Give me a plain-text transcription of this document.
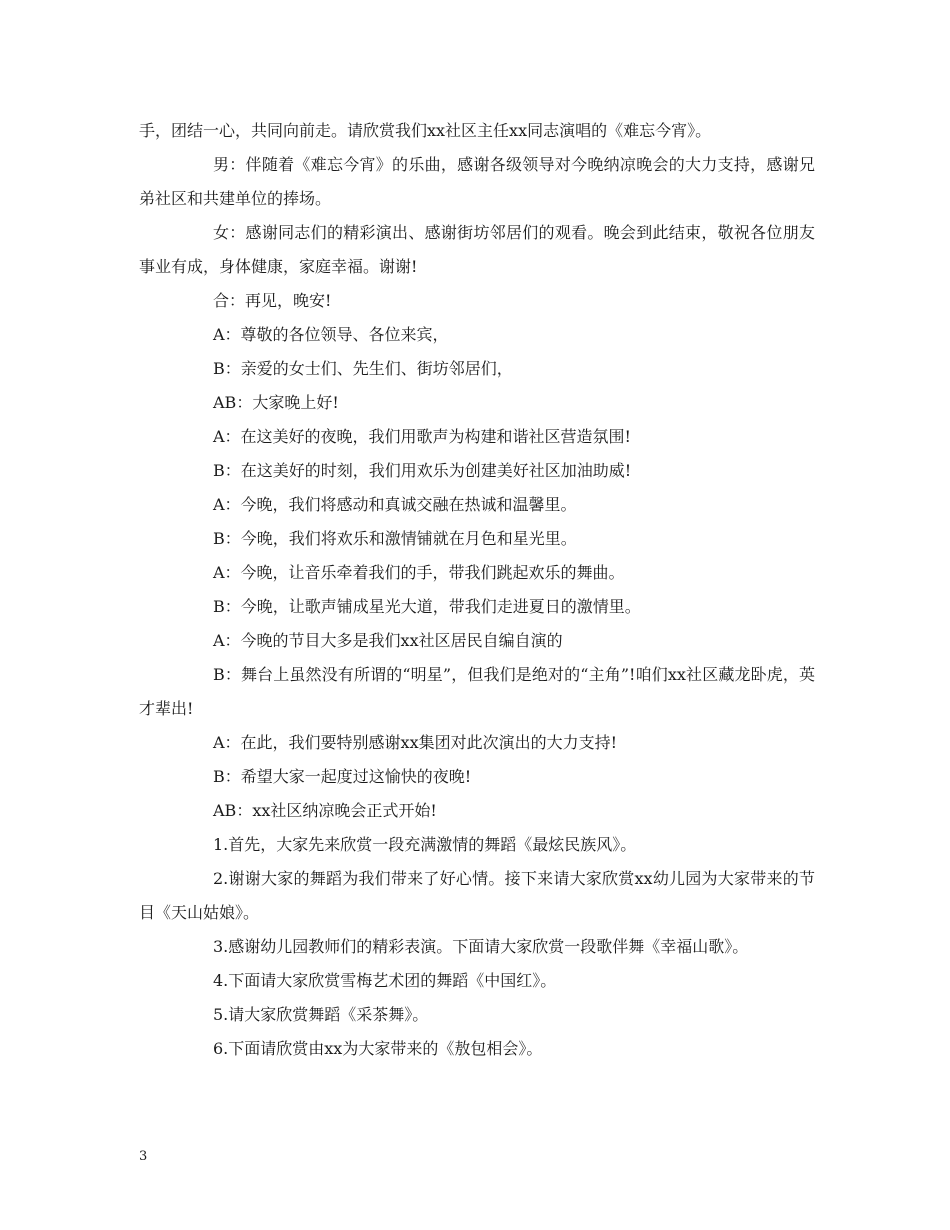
手，团结一心，共同向前走。请欣赏我们xx社区主任xx同志演唱的《难忘今宵》。

男：伴随着《难忘今宵》的乐曲，感谢各级领导对今晚纳凉晚会的大力支持，感谢兄弟社区和共建单位的捧场。

女：感谢同志们的精彩演出、感谢街坊邻居们的观看。晚会到此结束，敬祝各位朋友事业有成，身体健康，家庭幸福。谢谢!

合：再见，晚安!

A：尊敬的各位领导、各位来宾，

B：亲爱的女士们、先生们、街坊邻居们，

AB：大家晚上好!

A：在这美好的夜晚，我们用歌声为构建和谐社区营造氛围!

B：在这美好的时刻，我们用欢乐为创建美好社区加油助威!

A：今晚，我们将感动和真诚交融在热诚和温馨里。

B：今晚，我们将欢乐和激情铺就在月色和星光里。

A：今晚，让音乐牵着我们的手，带我们跳起欢乐的舞曲。

B：今晚，让歌声铺成星光大道，带我们走进夏日的激情里。

A：今晚的节目大多是我们xx社区居民自编自演的

B：舞台上虽然没有所谓的“明星”，但我们是绝对的“主角”!咱们xx社区藏龙卧虎，英才辈出!

A：在此，我们要特别感谢xx集团对此次演出的大力支持!

B：希望大家一起度过这愉快的夜晚!

AB：xx社区纳凉晚会正式开始!

1.首先，大家先来欣赏一段充满激情的舞蹈《最炫民族风》。

2.谢谢大家的舞蹈为我们带来了好心情。接下来请大家欣赏xx幼儿园为大家带来的节目《天山姑娘》。

3.感谢幼儿园教师们的精彩表演。下面请大家欣赏一段歌伴舞《幸福山歌》。

4.下面请大家欣赏雪梅艺术团的舞蹈《中国红》。

5.请大家欣赏舞蹈《采茶舞》。

6.下面请欣赏由xx为大家带来的《敖包相会》。

3
